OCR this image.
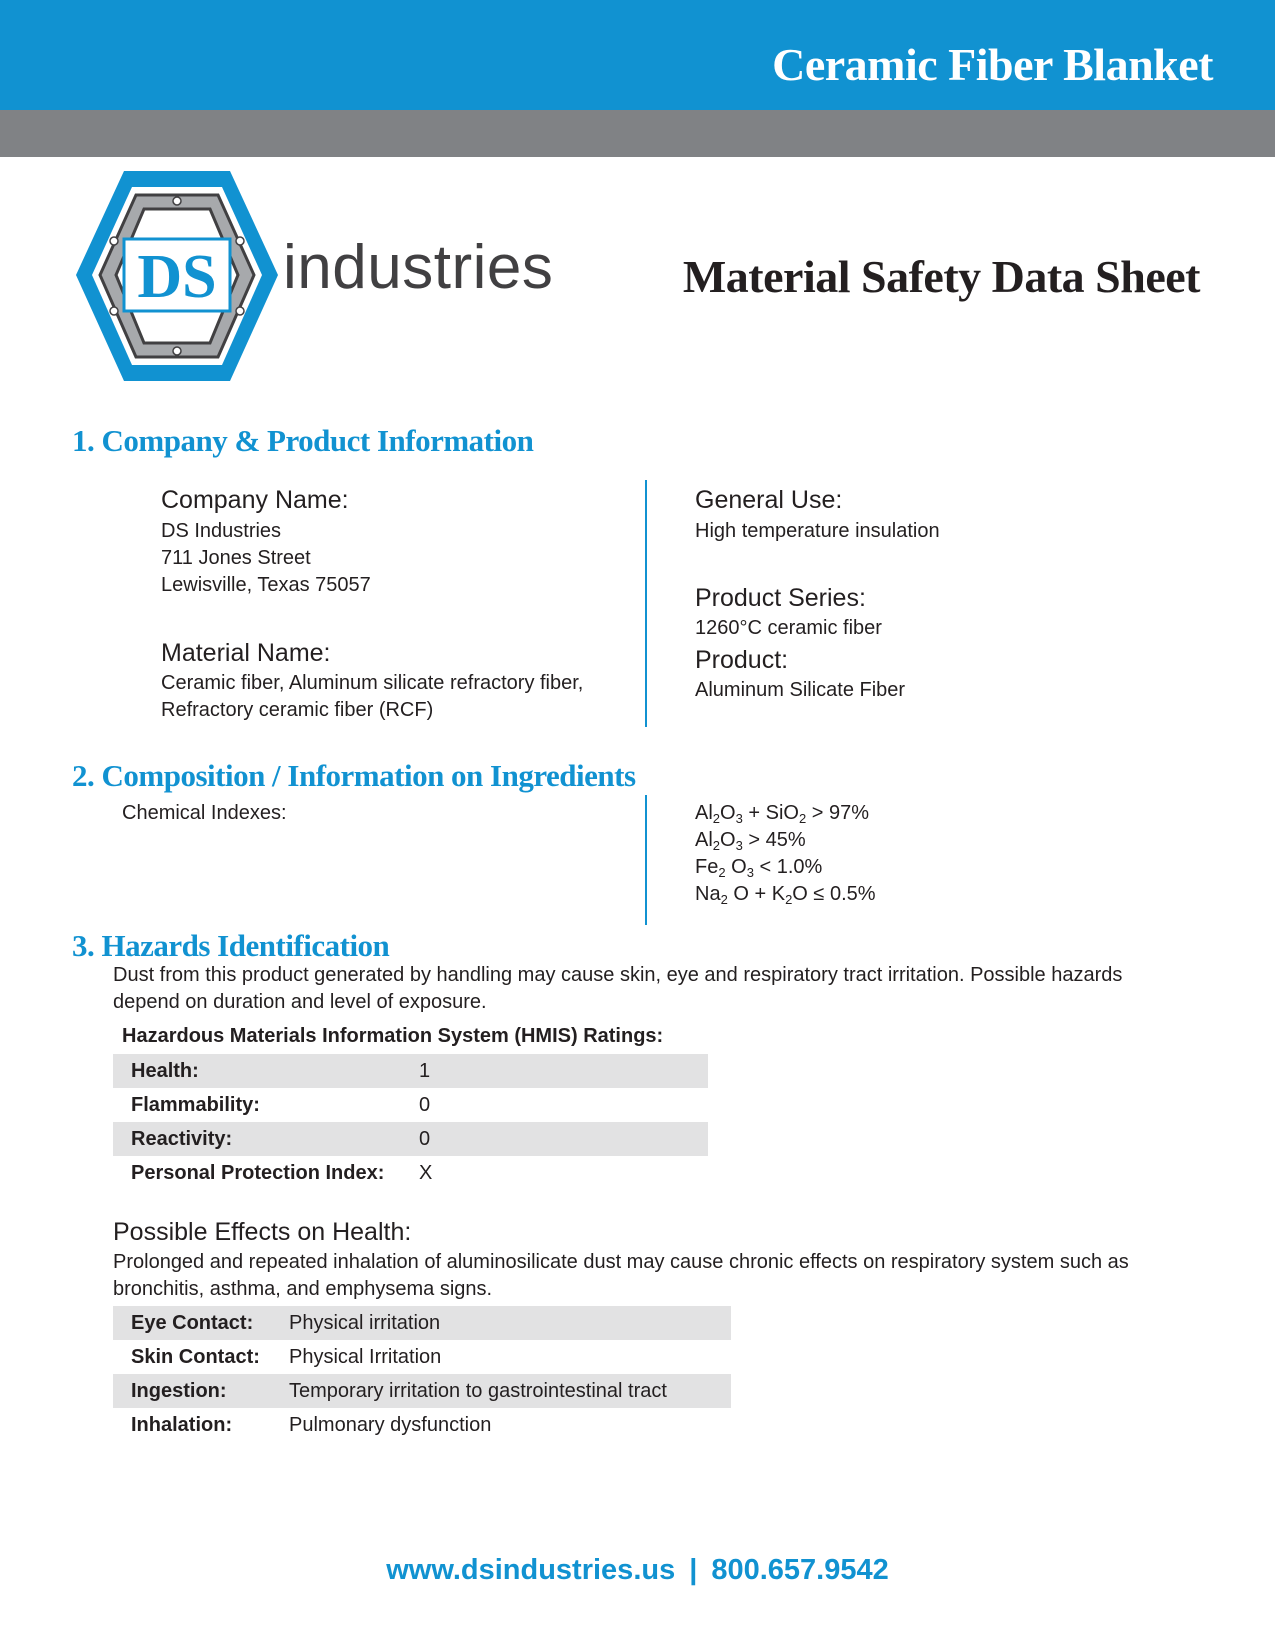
Ceramic Fiber Blanket
DS industries	Material Safety Data Sheet
1. Company & Product Information
Company Name:
DS Industries
711 Jones Street
Lewisville, Texas 75057
Material Name:
Ceramic fiber, Aluminum silicate refractory fiber,
Refractory ceramic fiber (RCF)
General Use:
High temperature insulation
Product Series:
1260°C ceramic fiber
Product:
Aluminum Silicate Fiber
2. Composition / Information on Ingredients
Chemical Indexes:	$Al_2O_3 + SiO_2 > 97\%$
$Al_2O_3 > 45\%$
$Fe_2$ $O_3 < 1.0\%$
$Na_2$ $O + K_2O \le 0.5\%$
3. Hazards Identification
Dust from this product generated by handling may cause skin, eye and respiratory tract irritation. Possible hazards depend on duration and level of exposure.
Hazardous Materials Information System (HMIS) Ratings:
Health:	1
Flammability:	0
Reactivity:	0
Personal Protection Index:	X
Possible Effects on Health:
Prolonged and repeated inhalation of aluminosilicate dust may cause chronic effects on respiratory system such as bronchitis, asthma, and emphysema signs.
Eye Contact:	Physical irritation
Skin Contact:	Physical Irritation
Ingestion:	Temporary irritation to gastrointestinal tract
Inhalation:	Pulmonary dysfunction
www.dsindustries.us | 800.657.9542
